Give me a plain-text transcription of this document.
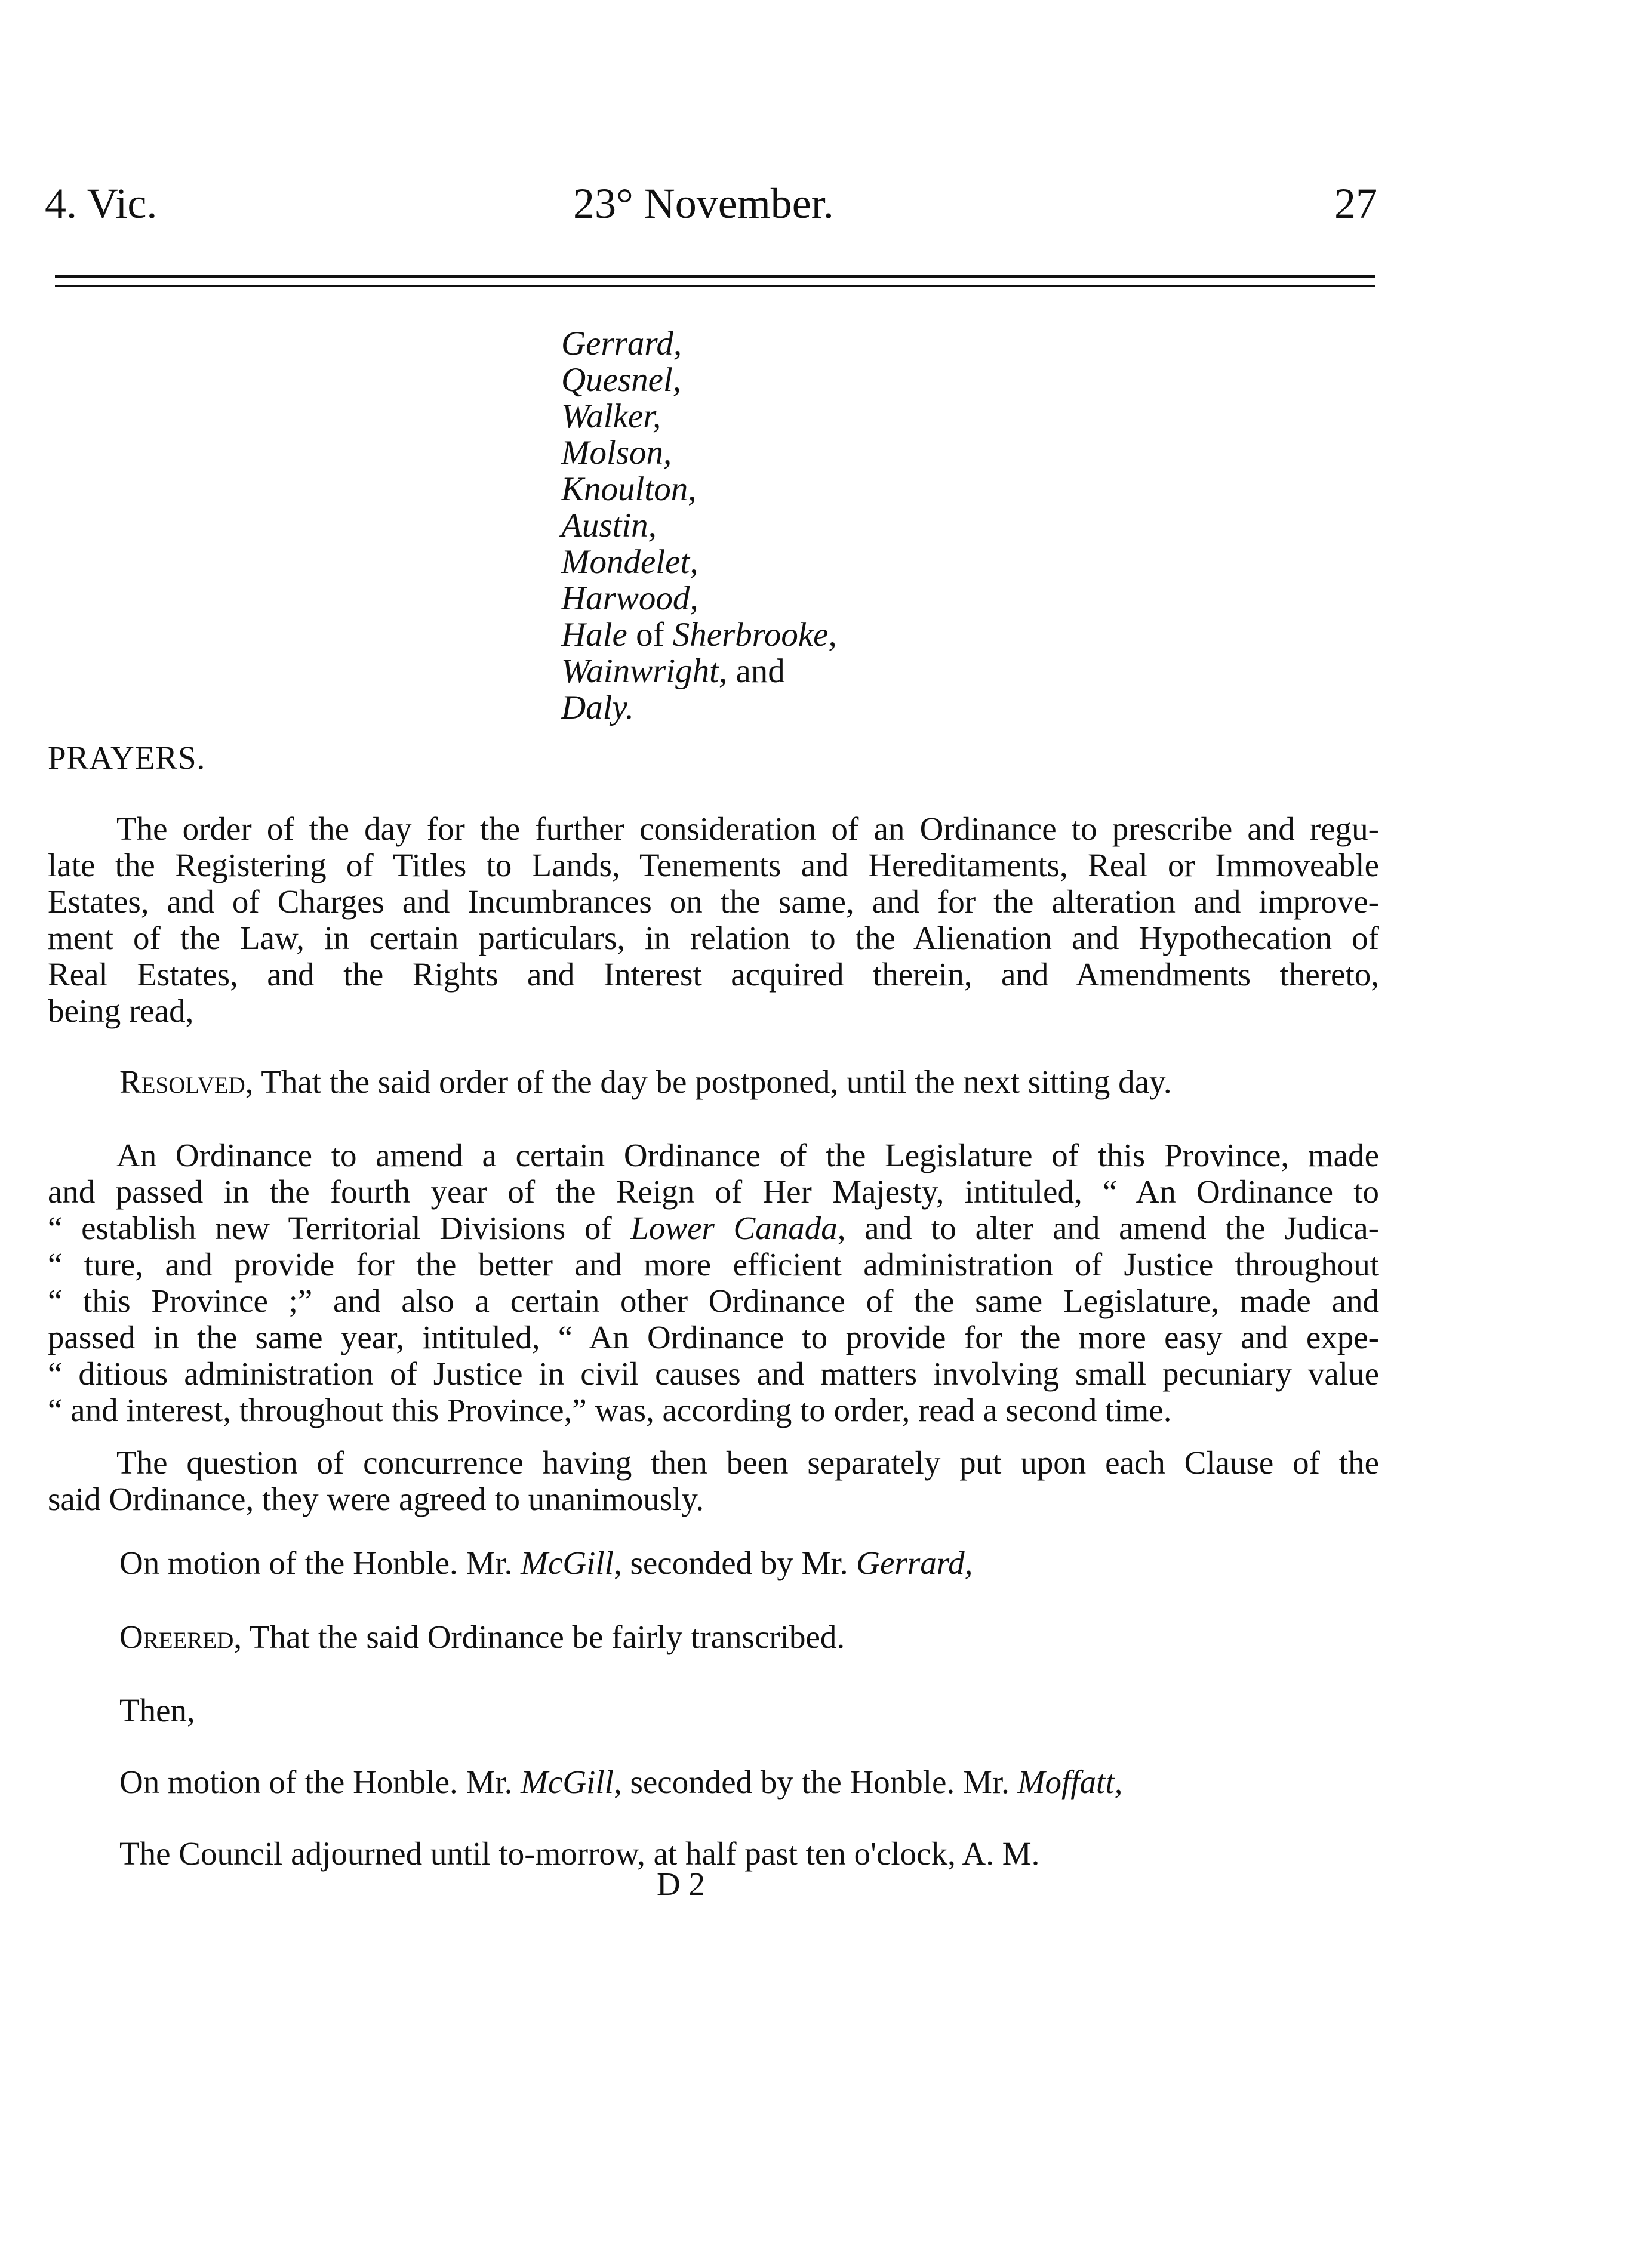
4. Vic.	23° November.	27
Gerrard,
Quesnel,
Walker,
Molson,
Knoulton,
Austin,
Mondelet,
Harwood,
Hale of Sherbrooke,
Wainwright, and
Daly.
PRAYERS.
The order of the day for the further consideration of an Ordinance to prescribe and regu-
late the Registering of Titles to Lands, Tenements and Hereditaments, Real or Immoveable
Estates, and of Charges and Incumbrances on the same, and for the alteration and improve-
ment of the Law, in certain particulars, in relation to the Alienation and Hypothecation of
Real Estates, and the Rights and Interest acquired therein, and Amendments thereto,
being read,
Resolved, That the said order of the day be postponed, until the next sitting day.
An Ordinance to amend a certain Ordinance of the Legislature of this Province, made
and passed in the fourth year of the Reign of Her Majesty, intituled, “ An Ordinance to
“ establish new Territorial Divisions of Lower Canada, and to alter and amend the Judica-
“ ture, and provide for the better and more efficient administration of Justice throughout
“ this Province ;” and also a certain other Ordinance of the same Legislature, made and
passed in the same year, intituled, “ An Ordinance to provide for the more easy and expe-
“ ditious administration of Justice in civil causes and matters involving small pecuniary value
“ and interest, throughout this Province,” was, according to order, read a second time.
The question of concurrence having then been separately put upon each Clause of the
said Ordinance, they were agreed to unanimously.
On motion of the Honble. Mr. McGill, seconded by Mr. Gerrard,
Oreered, That the said Ordinance be fairly transcribed.
Then,
On motion of the Honble. Mr. McGill, seconded by the Honble. Mr. Moffatt,
The Council adjourned until to-morrow, at half past ten o'clock, A. M.
D 2
